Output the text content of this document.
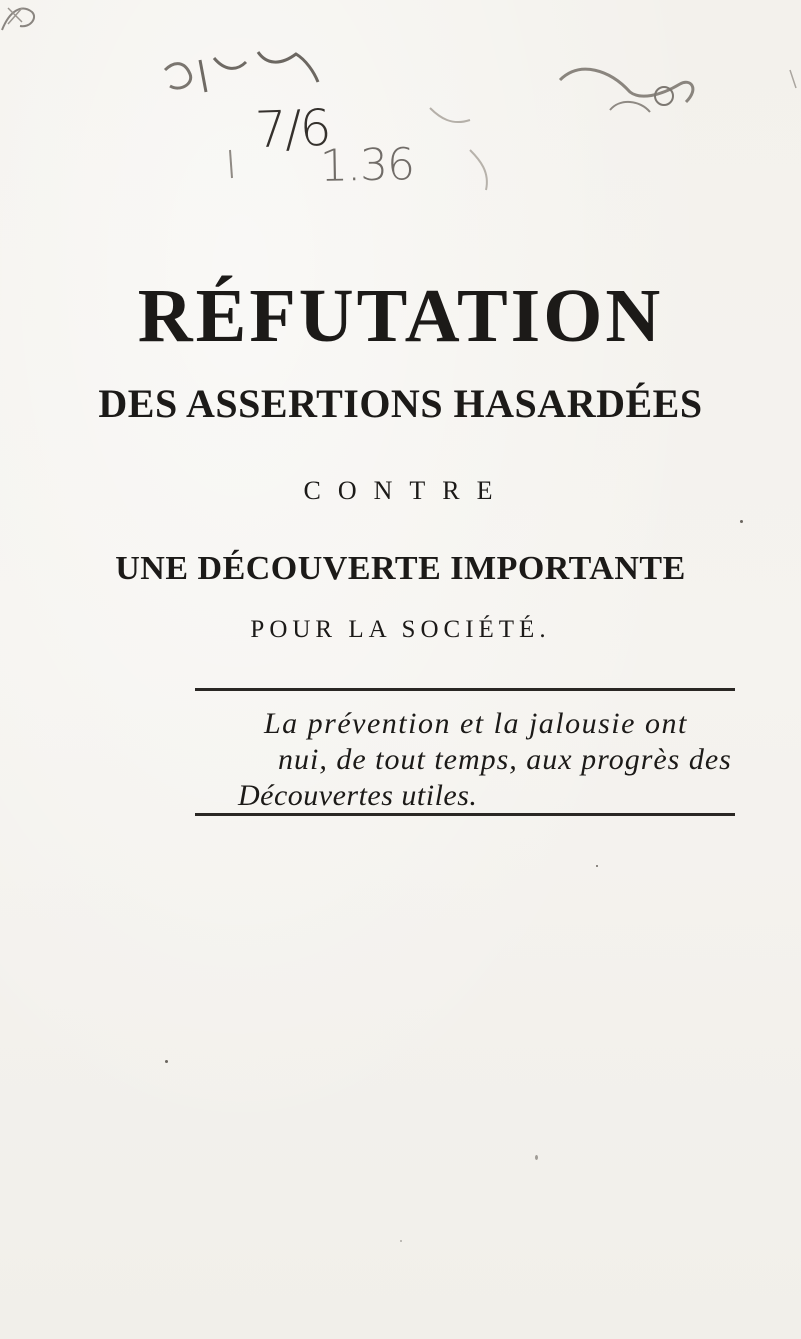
7/6
1.36
RÉFUTATION
DES ASSERTIONS HASARDÉES
CONTRE
UNE DÉCOUVERTE IMPORTANTE
POUR LA SOCIÉTÉ.
La prévention et la jalousie ont
nui, de tout temps, aux progrès des
Découvertes utiles.
